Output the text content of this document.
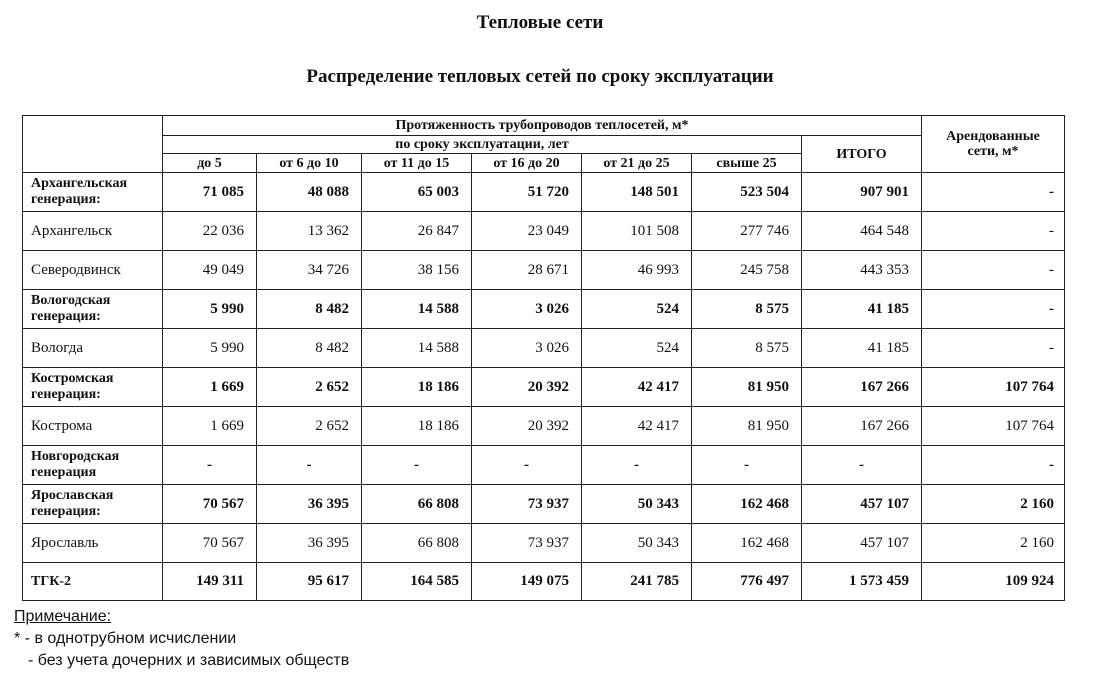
Тепловые сети
Распределение тепловых сетей по сроку эксплуатации
	Протяженность трубопроводов теплосетей, м*							Арендованные сети, м*
	по сроку эксплуатации, лет						ИТОГО	
	до 5	от 6 до 10	от 11 до 15	от 16 до 20	от 21 до 25	свыше 25		
Архангельская генерация:	71 085	48 088	65 003	51 720	148 501	523 504	907 901	-
Архангельск	22 036	13 362	26 847	23 049	101 508	277 746	464 548	-
Северодвинск	49 049	34 726	38 156	28 671	46 993	245 758	443 353	-
Вологодская генерация:	5 990	8 482	14 588	3 026	524	8 575	41 185	-
Вологда	5 990	8 482	14 588	3 026	524	8 575	41 185	-
Костромская генерация:	1 669	2 652	18 186	20 392	42 417	81 950	167 266	107 764
Кострома	1 669	2 652	18 186	20 392	42 417	81 950	167 266	107 764
Новгородская генерация	-	-	-	-	-	-	-	-
Ярославская генерация:	70 567	36 395	66 808	73 937	50 343	162 468	457 107	2 160
Ярославль	70 567	36 395	66 808	73 937	50 343	162 468	457 107	2 160
ТГК-2	149 311	95 617	164 585	149 075	241 785	776 497	1 573 459	109 924
Примечание:
* - в однотрубном исчислении
- без учета дочерних и зависимых обществ
